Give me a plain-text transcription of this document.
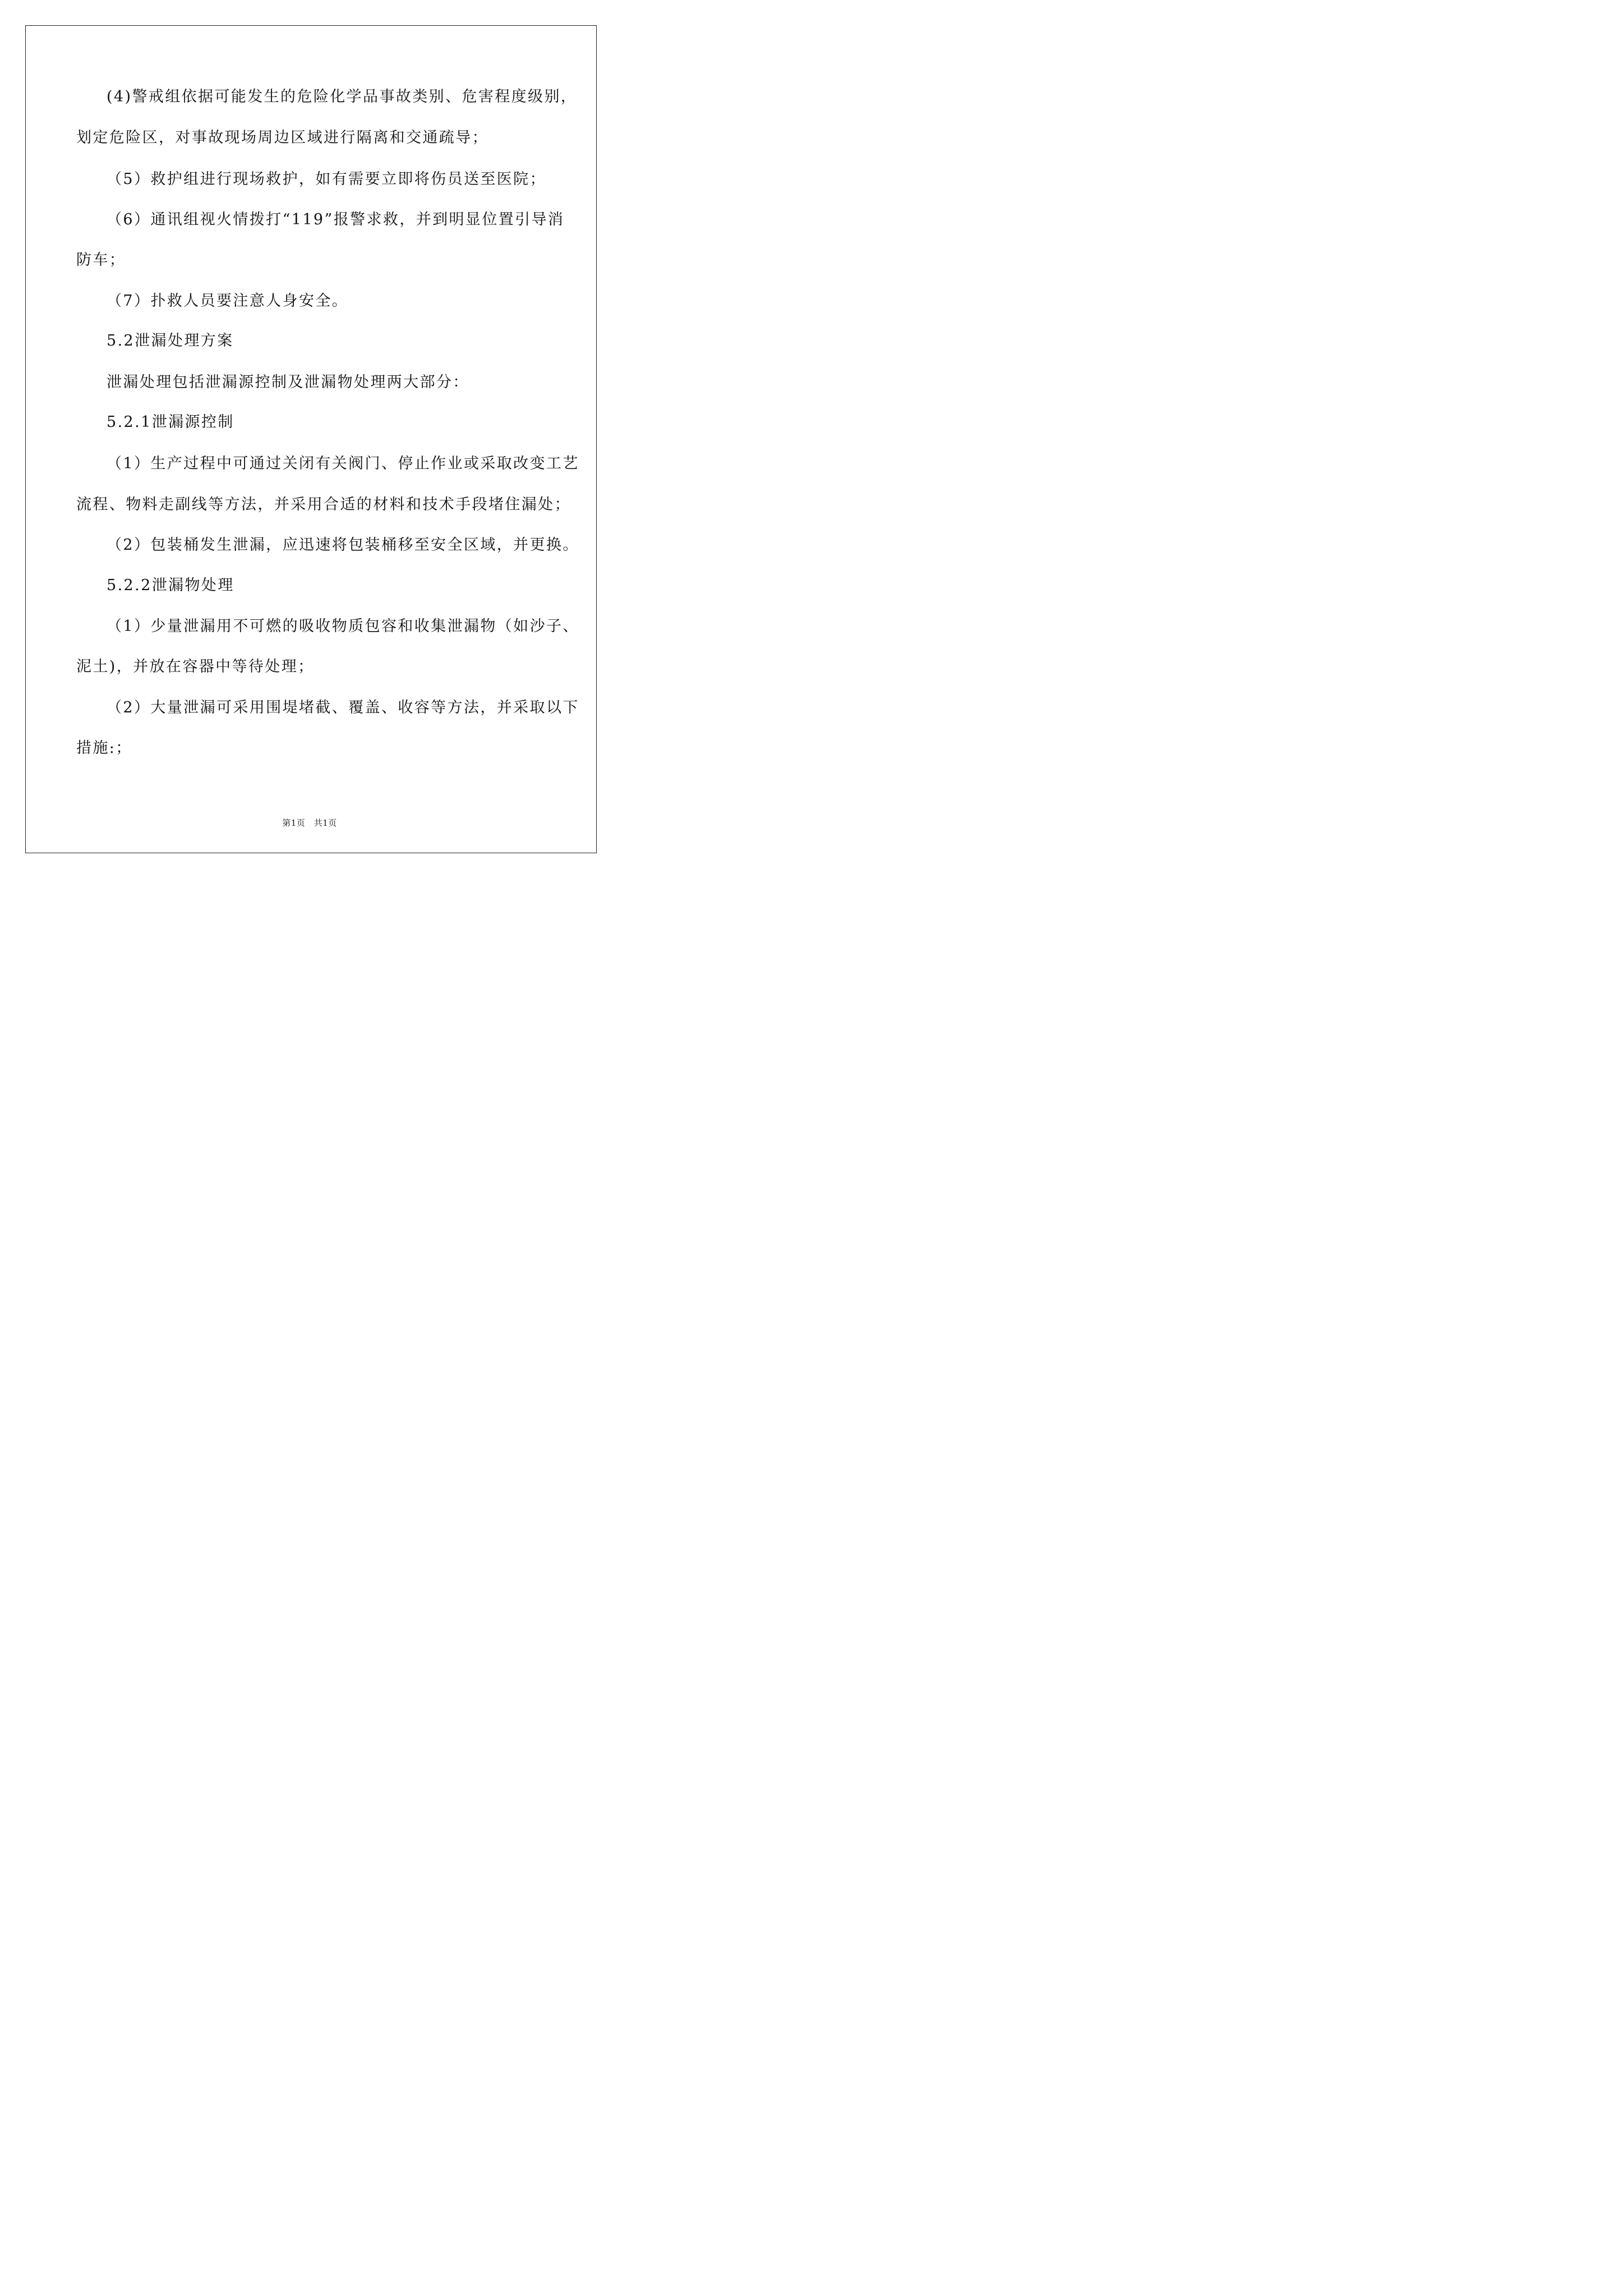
(4)警戒组依据可能发生的危险化学品事故类别、危害程度级别，
划定危险区，对事故现场周边区域进行隔离和交通疏导；
（5）救护组进行现场救护，如有需要立即将伤员送至医院；
（6）通讯组视火情拨打“119”报警求救，并到明显位置引导消
防车；
（7）扑救人员要注意人身安全。
5.2泄漏处理方案
泄漏处理包括泄漏源控制及泄漏物处理两大部分：
5.2.1泄漏源控制
（1）生产过程中可通过关闭有关阀门、停止作业或采取改变工艺
流程、物料走副线等方法，并采用合适的材料和技术手段堵住漏处；
（2）包装桶发生泄漏，应迅速将包装桶移至安全区域，并更换。
5.2.2泄漏物处理
（1）少量泄漏用不可燃的吸收物质包容和收集泄漏物（如沙子、
泥土)，并放在容器中等待处理；
（2）大量泄漏可采用围堤堵截、覆盖、收容等方法，并采取以下
措施:；
第1页　共1页
